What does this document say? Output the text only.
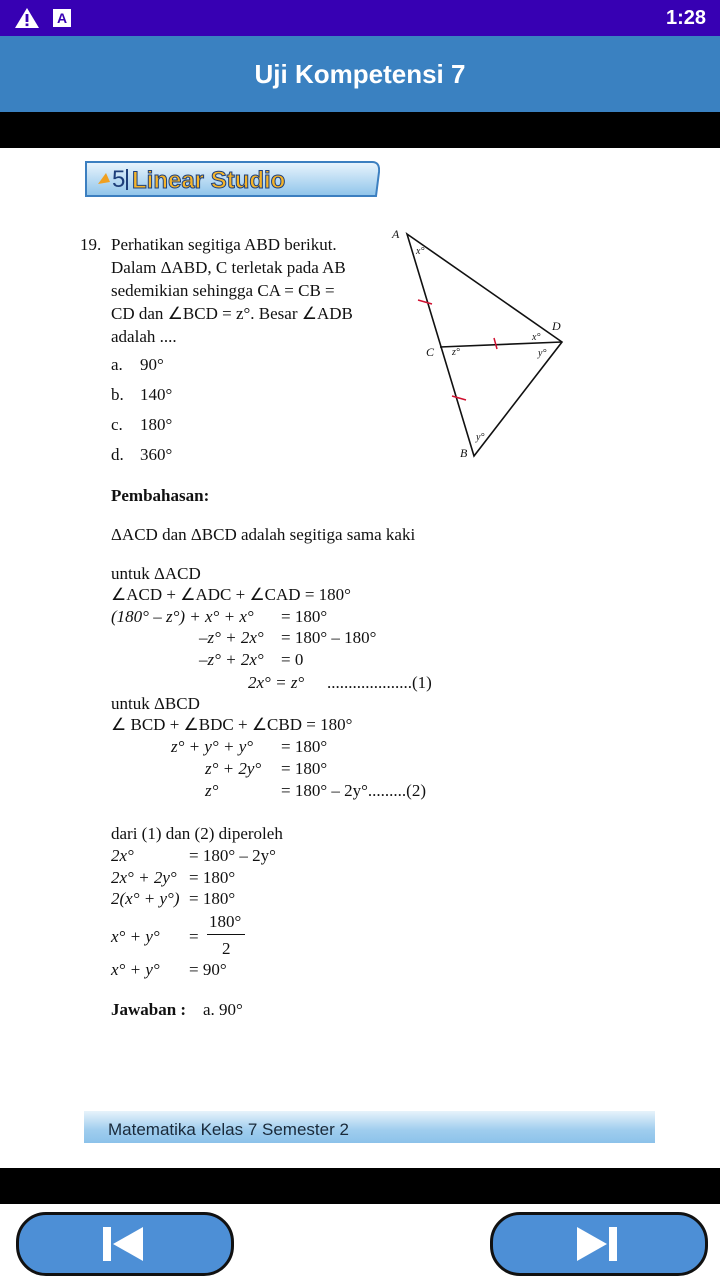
A	1:28
Uji Kompetensi 7
5 Linear Studio
19. Perhatikan segitiga ABD berikut.
Dalam ΔABD, C terletak pada AB
sedemikian sehingga CA = CB =
CD dan ∠BCD = z°. Besar ∠ADB
adalah ....
a. 90°
b. 140°
c. 180°
d. 360°
A
D
C
B
x°
x°
y°
z°
y°
Pembahasan:
ΔACD dan ΔBCD adalah segitiga sama kaki
untuk ΔACD
∠ACD + ∠ADC + ∠CAD = 180°
(180° – z°) + x° + x° = 180°
–z° + 2x° = 180° – 180°
–z° + 2x° = 0
2x° = z° ....................(1)
untuk ΔBCD
∠ BCD + ∠BDC + ∠CBD = 180°
z° + y° + y° = 180°
z° + 2y° = 180°
z°	= 180° – 2y°.........(2)
dari (1) dan (2) diperoleh
2x°	= 180° – 2y°
2x° + 2y° = 180°
2(x° + y°) = 180°
x° + y° =
180°
2
x° + y° = 90°
Jawaban : a. 90°
Matematika Kelas 7 Semester 2
